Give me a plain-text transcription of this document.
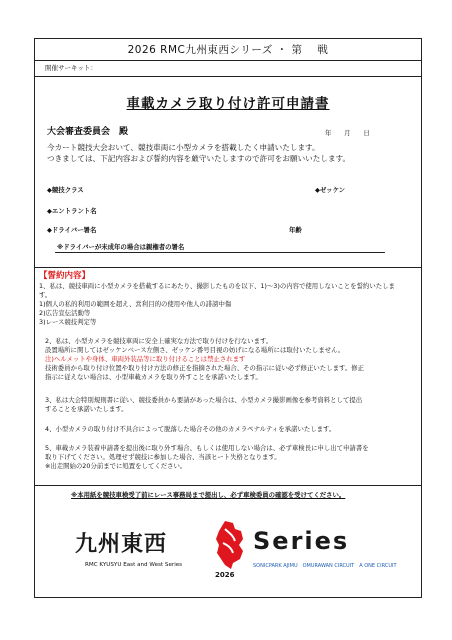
2026 RMC九州東西シリーズ ・ 第　 戦
開催サーキット：
車載カメラ取り付け許可申請書
大会審査委員会　殿	年　　月　　日
今カート競技大会おいて、競技車両に小型カメラを搭載したく申請いたします。
つきましては、下記内容および誓約内容を厳守いたしますので許可をお願いいたします。
◆競技クラス	◆ゼッケン
◆エントラント名
◆ドライバー署名	年齢
※ドライバーが未成年の場合は親権者の署名
【誓約内容】
1、私は、競技車両に小型カメラを搭載するにあたり、撮影したものを以下、1)～3)の内容で使用しないことを誓約いたしま
す。
1)個人の私的利用の範囲を超え、営利目的の使用や他人の誹謗中傷
2)広告宣伝活動等
3)レース競技判定等
2、私は、小型カメラを競技車両に安全上確実な方法で取り付けを行ないます。
設置場所に関してはゼッケンベース左側さ、ゼッケン番号目視の妨げになる場所には取付いたしません。
注)ヘルメットや身体、車両外装品等に取り付けることは禁止されます
技術委員から取り付け位置や取り付け方法の修正を指摘された場合、その指示に従い必ず修正いたします。修正
指示に従えない場合は、小型車載カメラを取り外すことを承諾いたします。
3、私は大会特別規則書に従い、競技委員から要請があった場合は、小型カメラ撮影画像を参考資料として提出
することを承諾いたします。
4、小型カメラの取り付け不具合によって脱落した場合その他のカメラペナルティを承諾いたします。
5、車載カメラ装着申請書を提出後に取り外す場合、もしくは使用しない場合は、必ず車検長に申し出て申請書を
取り下げてください。処理せず競技に参加した場合、当該ヒート失格となります。
※出走開始の20分前までに処置をしてください。
※本用紙を競技車検受了前にレース事務局まで提出し、必ず車検委員の確認を受けてください。
九州東西	Series
RMC KYUSYU East and West Series
2026
SONICPARK AJIMU　OMURAWAN CIRCUIT　A ONE CIRCUIT
